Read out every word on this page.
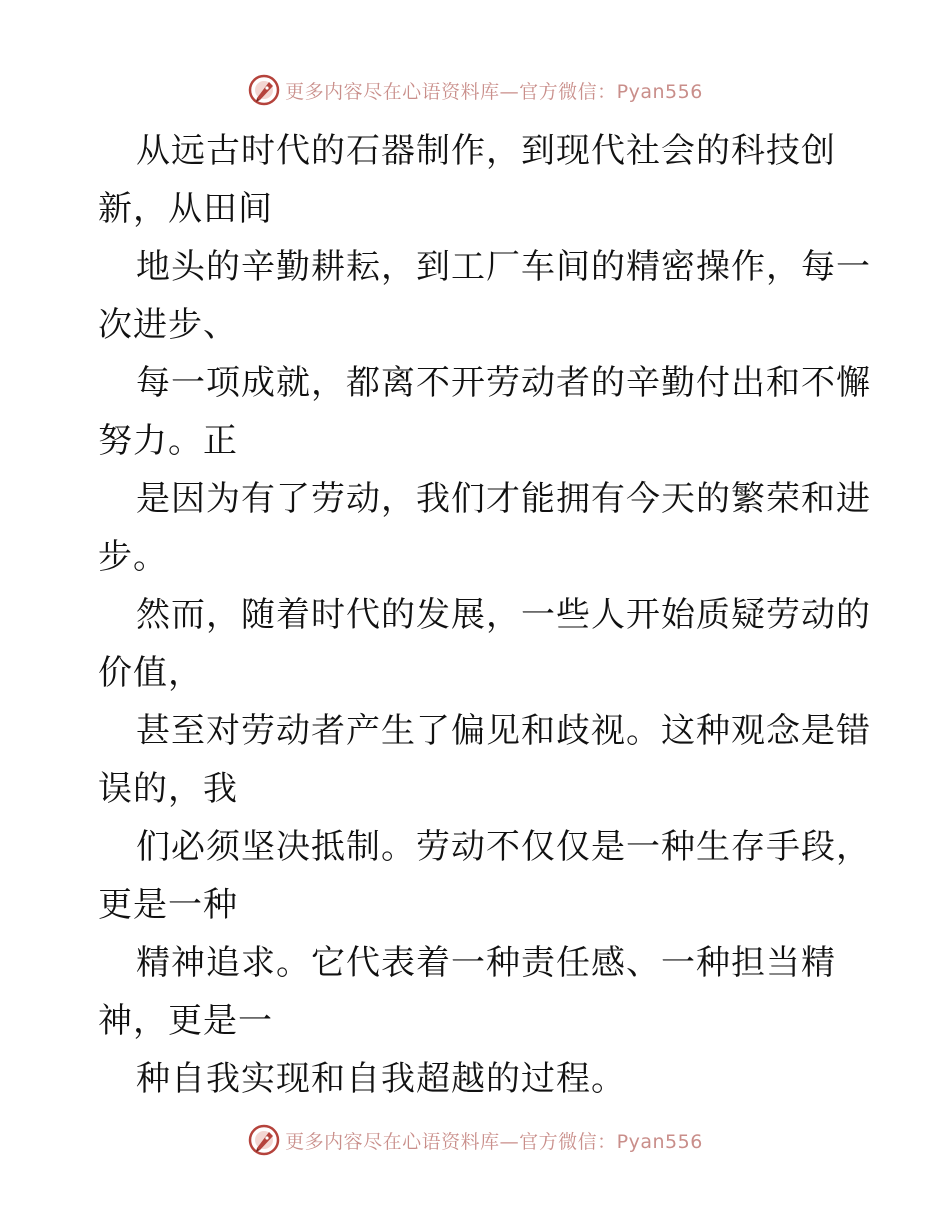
更多内容尽在心语资料库—官方微信：Pyan556
从远古时代的石器制作，到现代社会的科技创
新，从田间
地头的辛勤耕耘，到工厂车间的精密操作，每一
次进步、
每一项成就，都离不开劳动者的辛勤付出和不懈
努力。正
是因为有了劳动，我们才能拥有今天的繁荣和进
步。
然而，随着时代的发展，一些人开始质疑劳动的
价值，
甚至对劳动者产生了偏见和歧视。这种观念是错
误的，我
们必须坚决抵制。劳动不仅仅是一种生存手段，
更是一种
精神追求。它代表着一种责任感、一种担当精
神，更是一
种自我实现和自我超越的过程。
更多内容尽在心语资料库—官方微信：Pyan556
